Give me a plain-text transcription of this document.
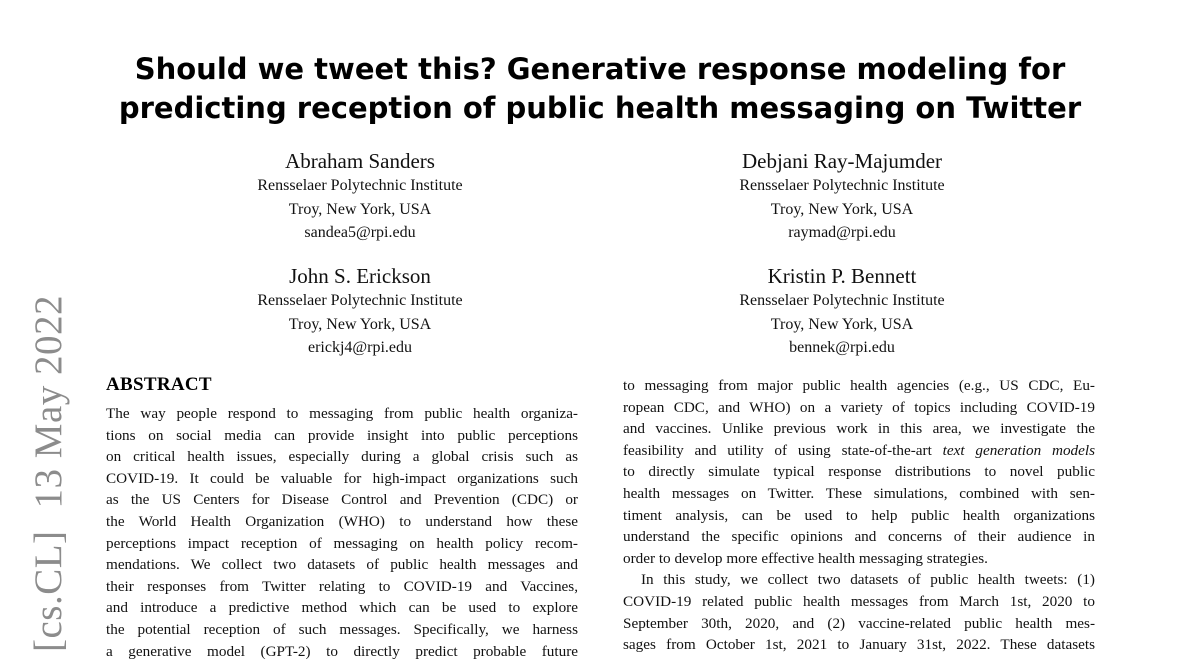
[cs.CL]13 May 2022
Should we tweet this? Generative response modeling for
predicting reception of public health messaging on Twitter
Abraham Sanders
Rensselaer Polytechnic Institute
Troy, New York, USA
sandea5@rpi.edu
Debjani Ray-Majumder
Rensselaer Polytechnic Institute
Troy, New York, USA
raymad@rpi.edu
John S. Erickson
Rensselaer Polytechnic Institute
Troy, New York, USA
erickj4@rpi.edu
Kristin P. Bennett
Rensselaer Polytechnic Institute
Troy, New York, USA
bennek@rpi.edu
ABSTRACT
The way people respond to messaging from public health organiza-
tions on social media can provide insight into public perceptions
on critical health issues, especially during a global crisis such as
COVID-19. It could be valuable for high-impact organizations such
as the US Centers for Disease Control and Prevention (CDC) or
the World Health Organization (WHO) to understand how these
perceptions impact reception of messaging on health policy recom-
mendations. We collect two datasets of public health messages and
their responses from Twitter relating to COVID-19 and Vaccines,
and introduce a predictive method which can be used to explore
the potential reception of such messages. Specifically, we harness
a generative model (GPT-2) to directly predict probable future
to messaging from major public health agencies (e.g., US CDC, Eu-
ropean CDC, and WHO) on a variety of topics including COVID-19
and vaccines. Unlike previous work in this area, we investigate the
feasibility and utility of using state-of-the-art text generation models
to directly simulate typical response distributions to novel public
health messages on Twitter. These simulations, combined with sen-
timent analysis, can be used to help public health organizations
understand the specific opinions and concerns of their audience in
order to develop more effective health messaging strategies.
In this study, we collect two datasets of public health tweets: (1)
COVID-19 related public health messages from March 1st, 2020 to
September 30th, 2020, and (2) vaccine-related public health mes-
sages from October 1st, 2021 to January 31st, 2022. These datasets
